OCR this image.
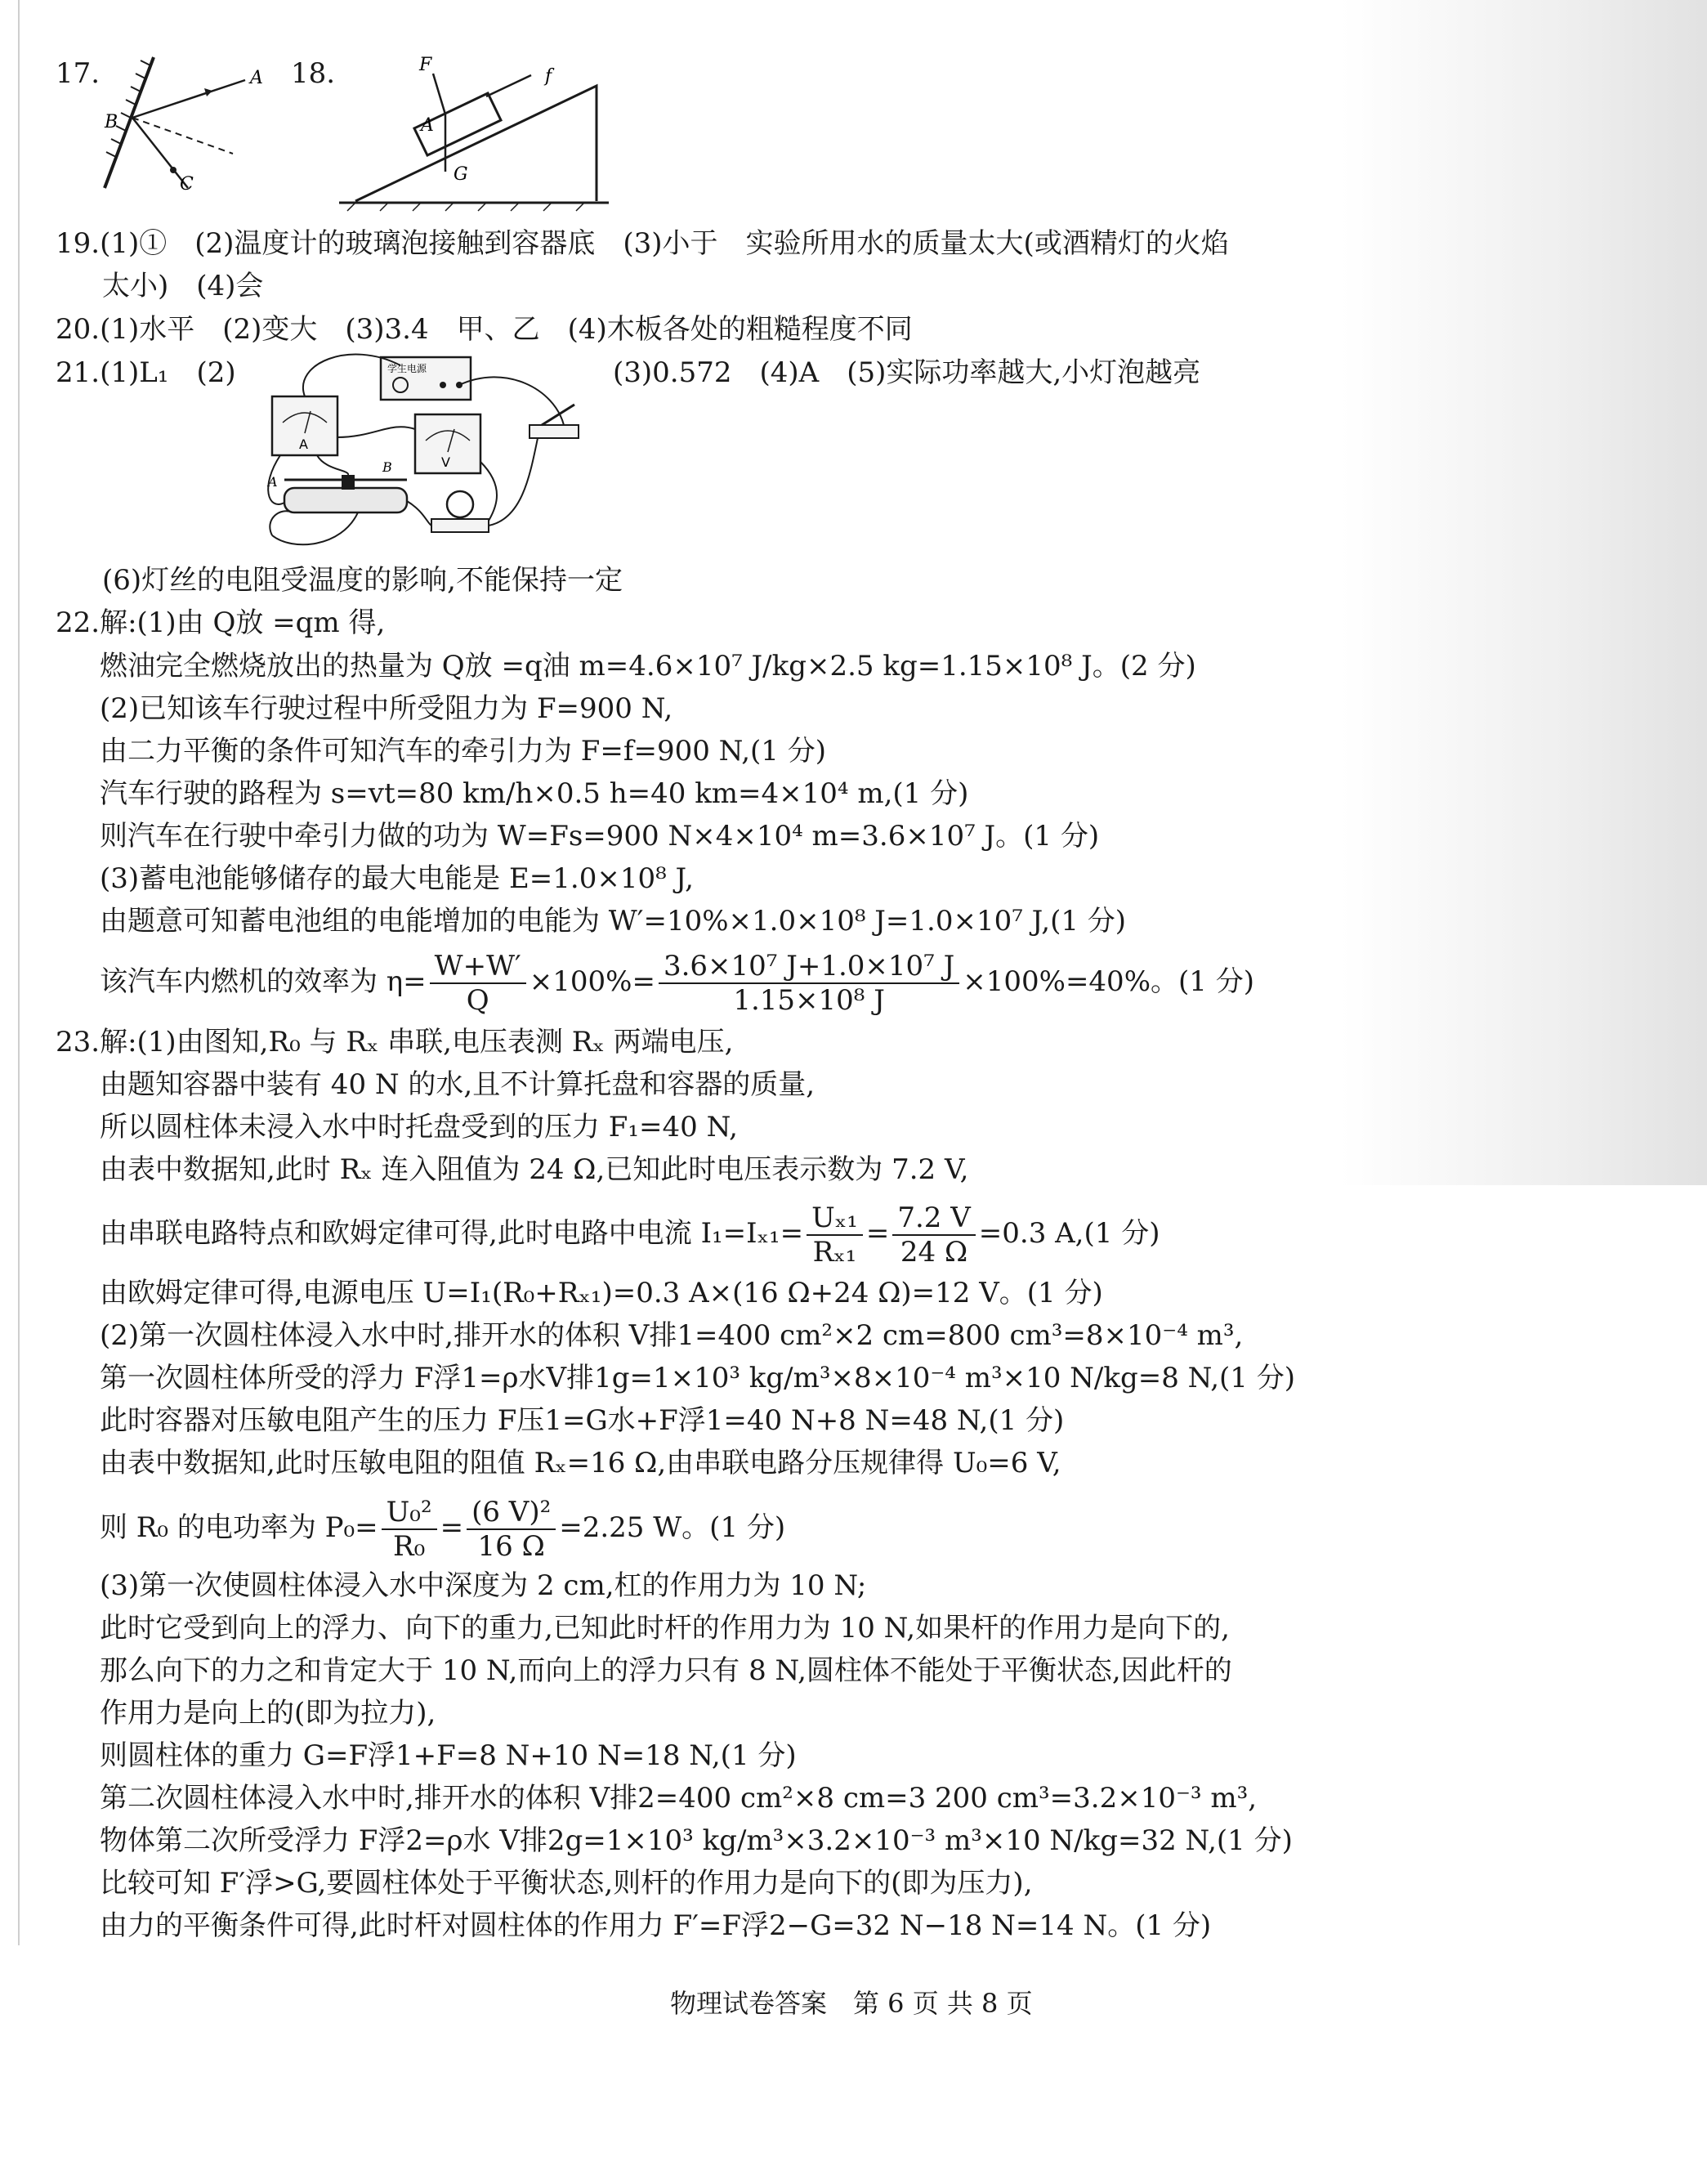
17.	18.
A
B
C
F
f
A
G
19.(1)①　(2)温度计的玻璃泡接触到容器底　(3)小于　实验所用水的质量太大(或酒精灯的火焰
太小)　(4)会
20.(1)水平　(2)变大　(3)3.4　甲、乙　(4)木板各处的粗糙程度不同
21.(1)L₁　(2)	(3)0.572　(4)A　(5)实际功率越大,小灯泡越亮
学生电源
A
V
A
B
(6)灯丝的电阻受温度的影响,不能保持一定
22.解:(1)由 Q放 =qm 得,
燃油完全燃烧放出的热量为 Q放 =q油 m=4.6×10⁷ J/kg×2.5 kg=1.15×10⁸ J。(2 分)
(2)已知该车行驶过程中所受阻力为 F=900 N,
由二力平衡的条件可知汽车的牵引力为 F=f=900 N,(1 分)
汽车行驶的路程为 s=vt=80 km/h×0.5 h=40 km=4×10⁴ m,(1 分)
则汽车在行驶中牵引力做的功为 W=Fs=900 N×4×10⁴ m=3.6×10⁷ J。(1 分)
(3)蓄电池能够储存的最大电能是 E=1.0×10⁸ J,
由题意可知蓄电池组的电能增加的电能为 W′=10%×1.0×10⁸ J=1.0×10⁷ J,(1 分)
该汽车内燃机的效率为 $\eta= \frac{W+W'}{Q} \times 100\%= \frac{\text{3.6×10⁷ J+1.0×10⁷ J}}{\text{1.15×10⁸ J}} \times 100\%=40\%$。(1 分)
23.解:(1)由图知,R₀ 与 Rₓ 串联,电压表测 Rₓ 两端电压,
由题知容器中装有 40 N 的水,且不计算托盘和容器的质量,
所以圆柱体未浸入水中时托盘受到的压力 F₁=40 N,
由表中数据知,此时 Rₓ 连入阻值为 24 Ω,已知此时电压表示数为 7.2 V,
由串联电路特点和欧姆定律可得,此时电路中电流 $I_1=I_{x1}= \frac{\text{Uₓ₁}}{\text{Rₓ₁}} = \frac{7.2 V}{24 \Omega} =0.3$ A,(1 分)
由欧姆定律可得,电源电压 U=I₁(R₀+Rₓ₁)=0.3 A×(16 Ω+24 Ω)=12 V。(1 分)
(2)第一次圆柱体浸入水中时,排开水的体积 V排1=400 cm²×2 cm=800 cm³=8×10⁻⁴ m³,
第一次圆柱体所受的浮力 F浮1=ρ水V排1g=1×10³ kg/m³×8×10⁻⁴ m³×10 N/kg=8 N,(1 分)
此时容器对压敏电阻产生的压力 F压1=G水+F浮1=40 N+8 N=48 N,(1 分)
由表中数据知,此时压敏电阻的阻值 Rₓ=16 Ω,由串联电路分压规律得 U₀=6 V,
则 R₀ 的电功率为 $P_0= \frac{\text{U₀²}}{\text{R₀}} = \frac{\text{(6 V)²}}{16 \Omega} =2.25$ W。(1 分)
(3)第一次使圆柱体浸入水中深度为 2 cm,杠的作用力为 10 N;
此时它受到向上的浮力、向下的重力,已知此时杆的作用力为 10 N,如果杆的作用力是向下的,
那么向下的力之和肯定大于 10 N,而向上的浮力只有 8 N,圆柱体不能处于平衡状态,因此杆的
作用力是向上的(即为拉力),
则圆柱体的重力 G=F浮1+F=8 N+10 N=18 N,(1 分)
第二次圆柱体浸入水中时,排开水的体积 V排2=400 cm²×8 cm=3 200 cm³=3.2×10⁻³ m³,
物体第二次所受浮力 F浮2=ρ水 V排2g=1×10³ kg/m³×3.2×10⁻³ m³×10 N/kg=32 N,(1 分)
比较可知 F′浮>G,要圆柱体处于平衡状态,则杆的作用力是向下的(即为压力),
由力的平衡条件可得,此时杆对圆柱体的作用力 F′=F浮2−G=32 N−18 N=14 N。(1 分)
物理试卷答案　第 6 页 共 8 页
